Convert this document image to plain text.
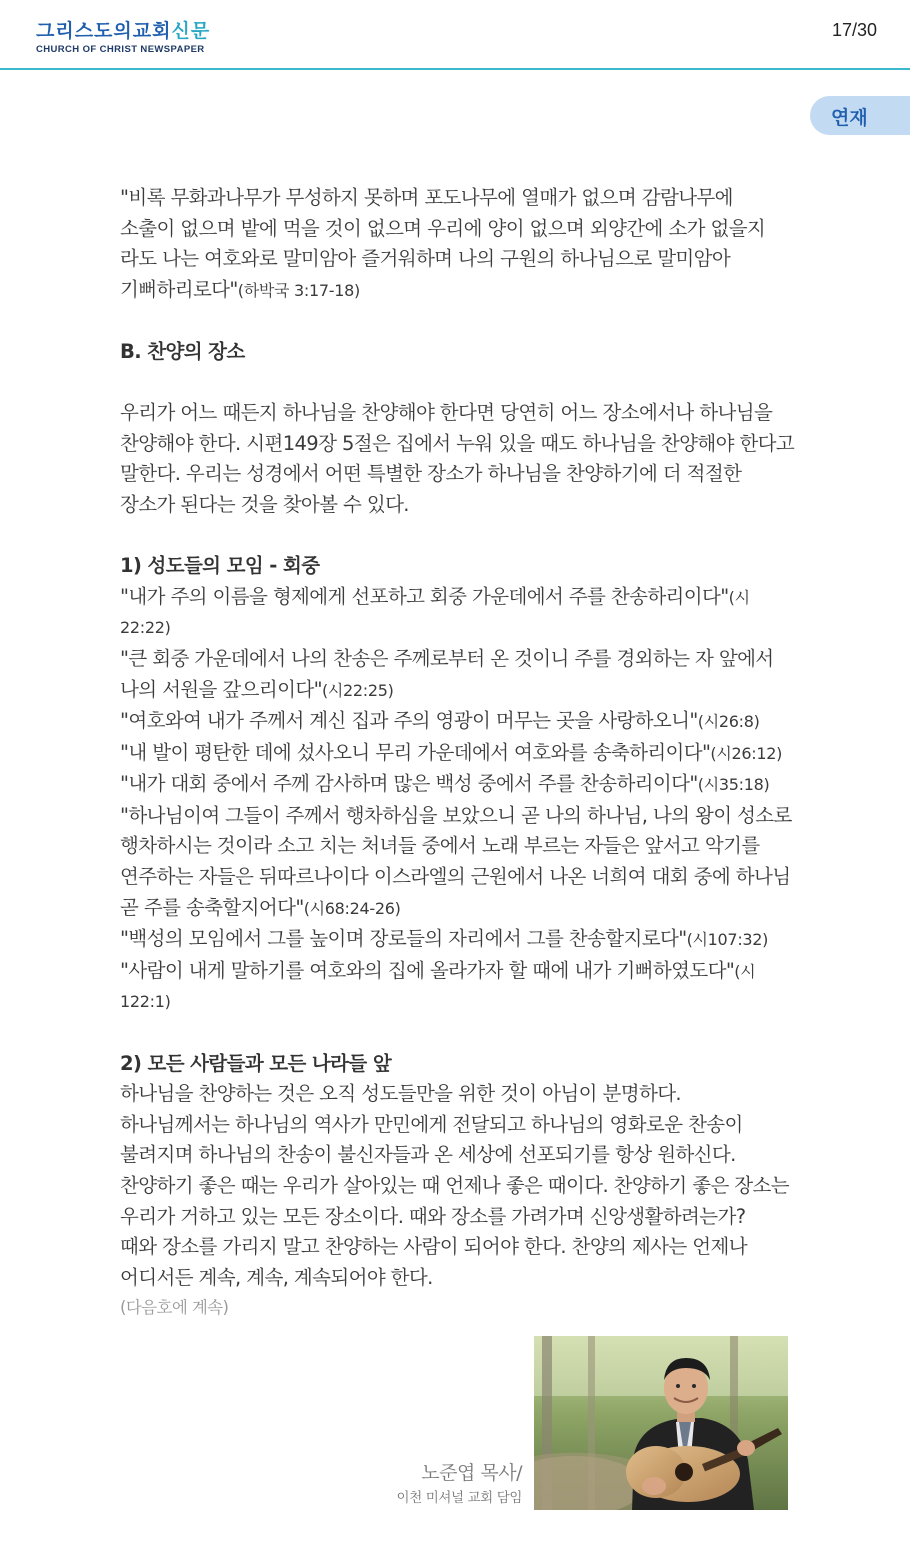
그리스도의교회신문
CHURCH OF CHRIST NEWSPAPER
17/30
연재
"비록 무화과나무가 무성하지 못하며 포도나무에 열매가 없으며 감람나무에
소출이 없으며 밭에 먹을 것이 없으며 우리에 양이 없으며 외양간에 소가 없을지
라도 나는 여호와로 말미암아 즐거워하며 나의 구원의 하나님으로 말미암아
기뻐하리로다"(하박국 3:17-18)
B. 찬양의 장소
우리가 어느 때든지 하나님을 찬양해야 한다면 당연히 어느 장소에서나 하나님을
찬양해야 한다. 시편149장 5절은 집에서 누워 있을 때도 하나님을 찬양해야 한다고
말한다. 우리는 성경에서 어떤 특별한 장소가 하나님을 찬양하기에 더 적절한
장소가 된다는 것을 찾아볼 수 있다.
1) 성도들의 모임 - 회중
"내가 주의 이름을 형제에게 선포하고 회중 가운데에서 주를 찬송하리이다"(시
22:22)
"큰 회중 가운데에서 나의 찬송은 주께로부터 온 것이니 주를 경외하는 자 앞에서
나의 서원을 갚으리이다"(시22:25)
"여호와여 내가 주께서 계신 집과 주의 영광이 머무는 곳을 사랑하오니"(시26:8)
"내 발이 평탄한 데에 섰사오니 무리 가운데에서 여호와를 송축하리이다"(시26:12)
"내가 대회 중에서 주께 감사하며 많은 백성 중에서 주를 찬송하리이다"(시35:18)
"하나님이여 그들이 주께서 행차하심을 보았으니 곧 나의 하나님, 나의 왕이 성소로
행차하시는 것이라 소고 치는 처녀들 중에서 노래 부르는 자들은 앞서고 악기를
연주하는 자들은 뒤따르나이다 이스라엘의 근원에서 나온 너희여 대회 중에 하나님
곧 주를 송축할지어다"(시68:24-26)
"백성의 모임에서 그를 높이며 장로들의 자리에서 그를 찬송할지로다"(시107:32)
"사람이 내게 말하기를 여호와의 집에 올라가자 할 때에 내가 기뻐하였도다"(시
122:1)
2) 모든 사람들과 모든 나라들 앞
하나님을 찬양하는 것은 오직 성도들만을 위한 것이 아님이 분명하다.
하나님께서는 하나님의 역사가 만민에게 전달되고 하나님의 영화로운 찬송이
불려지며 하나님의 찬송이 불신자들과 온 세상에 선포되기를 항상 원하신다.
찬양하기 좋은 때는 우리가 살아있는 때 언제나 좋은 때이다. 찬양하기 좋은 장소는
우리가 거하고 있는 모든 장소이다. 때와 장소를 가려가며 신앙생활하려는가?
때와 장소를 가리지 말고 찬양하는 사람이 되어야 한다. 찬양의 제사는 언제나
어디서든 계속, 계속, 계속되어야 한다.
(다음호에 계속)
노준엽 목사/
이천 미셔널 교회 담임
